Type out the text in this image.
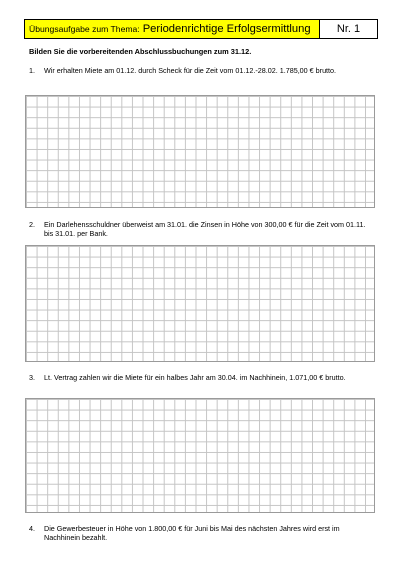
Übungsaufgabe zum Thema: Periodenrichtige Erfolgsermittlung	Nr. 1
Bilden Sie die vorbereitenden Abschlussbuchungen zum 31.12.
1.	Wir erhalten Miete am 01.12. durch Scheck für die Zeit vom 01.12.-28.02. 1.785,00 € brutto.
2.	Ein Darlehensschuldner überweist am 31.01. die Zinsen in Höhe von 300,00 € für die Zeit vom 01.11. bis 31.01. per Bank.
3.	Lt. Vertrag zahlen wir die Miete für ein halbes Jahr am 30.04. im Nachhinein, 1.071,00 € brutto.
4.	Die Gewerbesteuer in Höhe von 1.800,00 € für Juni bis Mai des nächsten Jahres wird erst im Nachhinein bezahlt.
